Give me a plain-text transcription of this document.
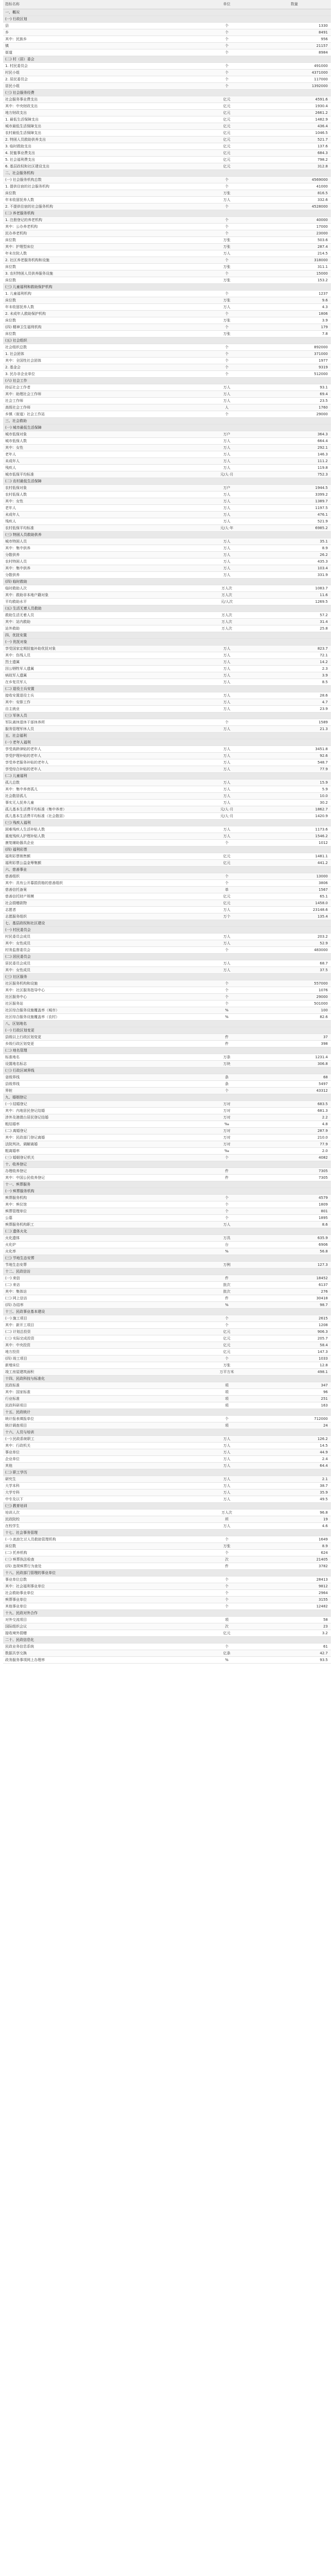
指标名称	单位	数量
一、概况
(一) 行政区划
县	个	1330
乡	个	8491
其中：民族乡	个	956
镇	个	21157
街道	个	8984
(二) 村（居）委会
1. 村民委员会	个	491000
村民小组	个	4371000
2. 居民委员会	个	117000
居民小组	个	1392000
(三) 社会服务经费
社会服务事业费支出	亿元	4591.6
其中：中央财政支出	亿元	1930.4
地方财政支出	亿元	2661.2
1. 最低生活保障支出	亿元	1482.9
城市最低生活保障支出	亿元	436.4
农村最低生活保障支出	亿元	1046.5
2. 特困人员救助供养支出	亿元	521.7
3. 临时救助支出	亿元	137.6
4. 抚恤事业费支出	亿元	684.3
5. 社会福利费支出	亿元	798.2
6. 基层政权和社区建设支出	亿元	312.8
二、社会服务机构
(一) 社会服务机构总数	个	4569000
1. 提供住宿的社会服务机构	个	41000
床位数	万张	816.5
年末收留抚养人数	万人	332.6
2. 不提供住宿的社会服务机构	个	4528000
(二) 养老服务机构
1. 注册登记的养老机构	个	40000
其中：公办养老机构	个	17000
民办养老机构	个	23000
床位数	万张	503.6
其中：护理型床位	万张	287.4
年末在院人数	万人	214.5
2. 社区养老服务机构和设施	个	318000
床位数	万张	311.1
3. 农村特困人员供养服务设施	个	15000
床位数	万张	153.2
(三) 儿童福利和救助保护机构
1. 儿童福利机构	个	1237
床位数	万张	9.6
年末收留抚养人数	万人	4.3
2. 未成年人救助保护机构	个	1806
床位数	万张	3.9
(四) 精神卫生福利机构	个	179
床位数	万张	7.8
(五) 社会组织
社会组织总数	个	892000
1. 社会团体	个	371000
其中：全国性社会团体	个	1977
2. 基金会	个	9319
3. 民办非企业单位	个	512000
(六) 社会工作
持证社会工作者	万人	93.1
其中：助理社会工作师	万人	69.4
社会工作师	万人	23.5
高级社会工作师	人	1760
乡镇（街道）社会工作站	个	29000
三、社会救助
(一) 城市最低生活保障
城市低保对象	万户	364.3
城市低保人数	万人	664.4
其中：女性	万人	292.1
老年人	万人	146.3
未成年人	万人	111.2
残疾人	万人	119.8
城市低保平均标准	元/人·月	752.3
(二) 农村最低生活保障
农村低保对象	万户	1944.5
农村低保人数	万人	3399.2
其中：女性	万人	1389.7
老年人	万人	1197.5
未成年人	万人	476.1
残疾人	万人	521.9
农村低保平均标准	元/人·年	6985.2
(三) 特困人员救助供养
城市特困人员	万人	35.1
其中：集中供养	万人	8.9
分散供养	万人	26.2
农村特困人员	万人	435.3
其中：集中供养	万人	103.4
分散供养	万人	331.9
(四) 临时救助
临时救助人次	万人次	1083.7
其中：救助非本地户籍对象	万人次	11.6
平均救助水平	元/人次	1269.5
(五) 生活无着人员救助
救助生活无着人员	万人次	57.2
其中：站内救助	万人次	31.4
站外救助	万人次	25.8
四、优抚安置
(一) 优抚对象
享受国家定期抚恤补助优抚对象	万人	823.7
其中：伤残人员	万人	72.1
烈士遗属	万人	14.2
因公牺牲军人遗属	万人	2.3
病故军人遗属	万人	3.9
在乡复员军人	万人	8.5
(二) 退役士兵安置
接收安置退役士兵	万人	28.6
其中：安排工作	万人	4.7
自主就业	万人	23.9
(三) 军休人员
军队离休退休干部休养所	个	1589
服务管理军休人员	万人	21.3
五、社会福利
(一) 老年人福利
享受高龄津贴的老年人	万人	3451.8
享受护理补贴的老年人	万人	92.6
享受养老服务补贴的老年人	万人	548.7
享受综合补贴的老年人	万人	77.9
(二) 儿童福利
孤儿总数	万人	15.9
其中：集中养育孤儿	万人	5.9
社会散居孤儿	万人	10.0
事实无人抚养儿童	万人	30.2
孤儿基本生活费平均标准（集中养育）	元/人·月	1862.7
孤儿基本生活费平均标准（社会散居）	元/人·月	1420.9
(三) 残疾人福利
困难残疾人生活补贴人数	万人	1173.6
重度残疾人护理补贴人数	万人	1546.2
康复辅助器具企业	个	1012
(四) 福利彩票
福利彩票销售额	亿元	1481.1
福利彩票公益金筹集额	亿元	441.2
六、慈善事业
慈善组织	个	13000
其中：具有公开募捐资格的慈善组织	个	3806
慈善信托备案	单	1567
慈善信托财产规模	亿元	65.1
社会捐赠款物	亿元	1458.0
志愿者	万人	23148.6
志愿服务组织	万个	135.4
七、基层政权和社区建设
(一) 村民委员会
村民委员会成员	万人	203.2
其中：女性成员	万人	52.9
村务监督委员会	个	483000
(二) 居民委员会
居民委员会成员	万人	68.7
其中：女性成员	万人	37.5
(三) 社区服务
社区服务机构和设施	个	557000
其中：社区服务指导中心	个	1076
社区服务中心	个	29000
社区服务站	个	501000
社区综合服务设施覆盖率（城市）	%	100
社区综合服务设施覆盖率（农村）	%	82.6
八、区划地名
(一) 行政区划变更
县级以上行政区划变更	件	37
乡级行政区划变更	件	398
(二) 地名管理
标准地名	万条	1231.4
设置地名标志	万块	306.8
(三) 行政区域界线
省级界线	条	68
县级界线	条	5497
界桩	个	43312
九、婚姻登记
(一) 结婚登记	万对	683.5
其中：内地居民登记结婚	万对	681.3
涉外及港澳台居民登记结婚	万对	2.2
粗结婚率	‰	4.8
(二) 离婚登记	万对	287.9
其中：民政部门登记离婚	万对	210.0
法院判决、调解离婚	万对	77.9
粗离婚率	‰	2.0
(三) 婚姻登记机关	个	4082
十、收养登记
办理收养登记	件	7305
其中：中国公民收养登记	件	7305
十一、殡葬服务
(一) 殡葬服务机构
殡葬服务机构	个	4579
其中：殡仪馆	个	1809
殡葬管理单位	个	801
公墓	个	1895
殡葬服务机构职工	万人	8.6
(二) 遗体火化
火化遗体	万具	635.9
火化炉	台	6906
火化率	%	56.8
(三) 节地生态安葬
节地生态安葬	万例	127.3
十二、民政信访
(一) 来信	件	18452
(二) 来访	批次	6137
其中：集体访	批次	276
(三) 网上信访	件	30418
(四) 办结率	%	98.7
十三、民政事业基本建设
(一) 施工项目	个	2615
其中：新开工项目	个	1208
(二) 计划总投资	亿元	906.3
(三) 实际完成投资	亿元	205.7
其中：中央投资	亿元	58.4
地方投资	亿元	147.3
(四) 竣工项目	个	1033
新增床位	万张	12.8
竣工房屋建筑面积	万平方米	498.1
十四、民政科技与标准化
民政标准	项	347
其中：国家标准	项	96
行业标准	项	251
民政科研项目	项	163
十五、民政统计
统计报表填报单位	个	712000
统计调查项目	项	24
十六、人员与培训
(一) 民政系统职工	万人	126.2
其中：行政机关	万人	14.5
事业单位	万人	44.9
企业单位	万人	2.4
其他	万人	64.4
(二) 职工学历
研究生	万人	2.1
大学本科	万人	38.7
大学专科	万人	35.9
中专及以下	万人	49.5
(三) 教育培训
培训人次	万人次	96.8
民政院校	所	19
在校学生	万人	4.6
十七、社会事务管理
(一) 流浪乞讨人员救助管理机构	个	1649
床位数	万张	8.9
(二) 托养机构	个	624
(三) 殡葬执法检查	次	21405
(四) 违规殡葬行为查处	件	3782
十八、民政部门管理的事业单位
事业单位总数	个	28413
其中：社会福利事业单位	个	9812
社会救助事业单位	个	2964
殡葬事业单位	个	3155
其他事业单位	个	12482
十九、民政对外合作
对外交流项目	项	58
国际组织会议	次	23
接收境外捐赠	亿元	3.2
二十、民政信息化
民政业务信息系统	个	61
数据共享交换	亿条	42.7
政务服务事项网上办理率	%	93.5
